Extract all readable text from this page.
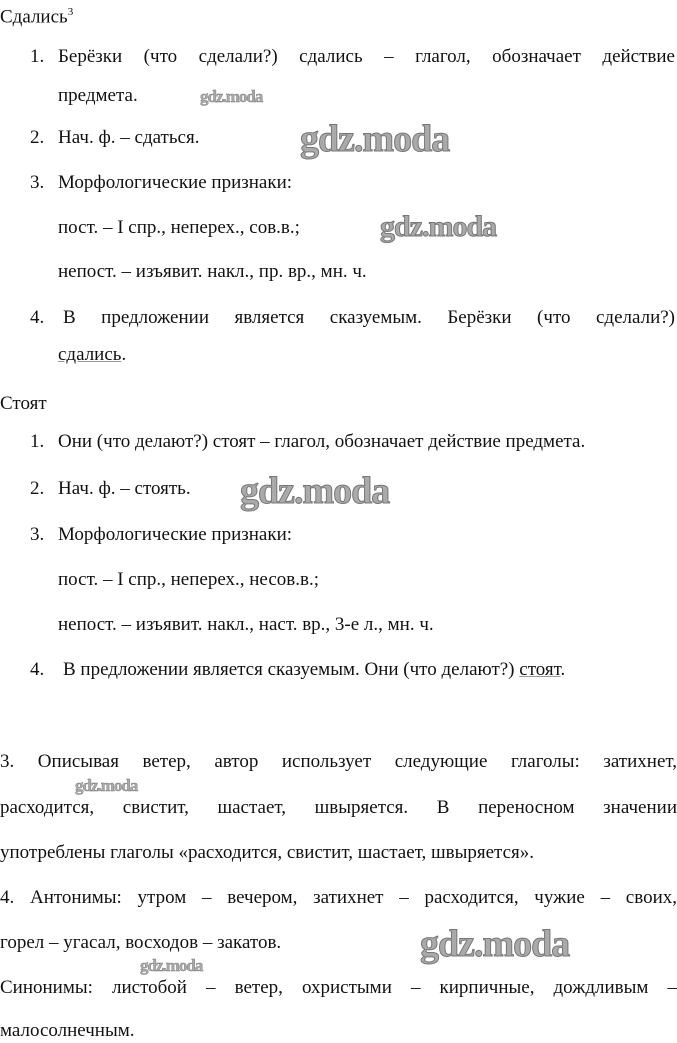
Сдались$^3$
1. Берёзки (что сделали?) сдались – глагол, обозначает действие
предмета.
2. Нач. ф. – сдаться.
3. Морфологические признаки:
пост. – I спр., неперех., сов.в.;
непост. – изъявит. накл., пр. вр., мн. ч.
4. В предложении является сказуемым. Берёзки (что сделали?)
сдались.
Стоят
1. Они (что делают?) стоят – глагол, обозначает действие предмета.
2. Нач. ф. – стоять.
3. Морфологические признаки:
пост. – I спр., неперех., несов.в.;
непост. – изъявит. накл., наст. вр., 3-е л., мн. ч.
4. В предложении является сказуемым. Они (что делают?) стоят.
3. Описывая ветер, автор использует следующие глаголы: затихнет,
расходится, свистит, шастает, швыряется. В переносном значении
употреблены глаголы «расходится, свистит, шастает, швыряется».
4. Антонимы: утром – вечером, затихнет – расходится, чужие – своих,
горел – угасал, восходов – закатов.
Синонимы: листобой – ветер, охристыми – кирпичные, дождливым –
малосолнечным.
gdz.moda
gdz.moda
gdz.moda
gdz.moda
gdz.moda
gdz.moda
gdz.moda
